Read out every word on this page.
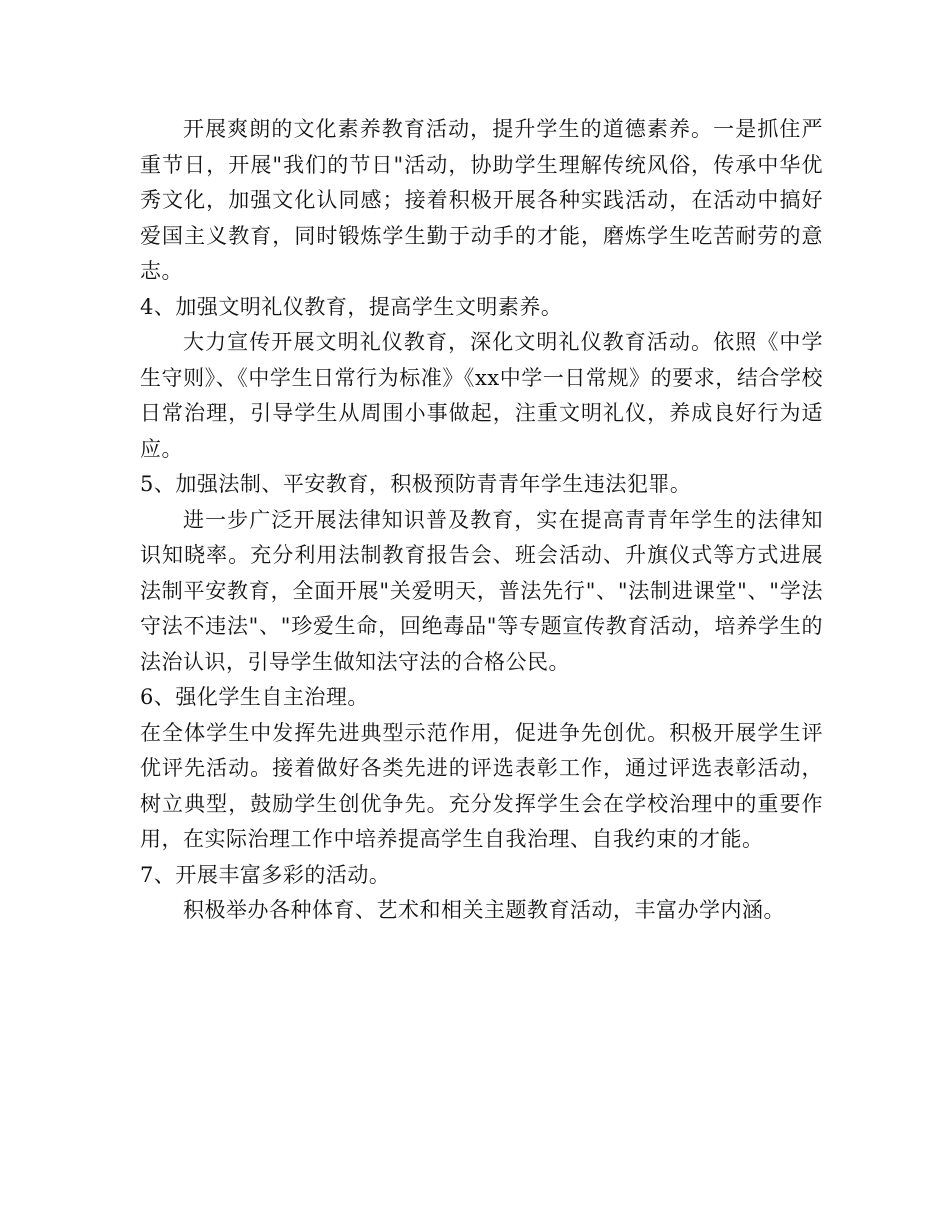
开展爽朗的文化素养教育活动，提升学生的道德素养。一是抓住严重节日，开展"我们的节日"活动，协助学生理解传统风俗，传承中华优秀文化，加强文化认同感；接着积极开展各种实践活动，在活动中搞好爱国主义教育，同时锻炼学生勤于动手的才能，磨炼学生吃苦耐劳的意志。

4、加强文明礼仪教育，提高学生文明素养。

大力宣传开展文明礼仪教育，深化文明礼仪教育活动。依照《中学生守则》、《中学生日常行为标准》《xx中学一日常规》的要求，结合学校日常治理，引导学生从周围小事做起，注重文明礼仪，养成良好行为适应。

5、加强法制、平安教育，积极预防青青年学生违法犯罪。

进一步广泛开展法律知识普及教育，实在提高青青年学生的法律知识知晓率。充分利用法制教育报告会、班会活动、升旗仪式等方式进展法制平安教育，全面开展"关爱明天，普法先行"、"法制进课堂"、"学法守法不违法"、"珍爱生命，回绝毒品"等专题宣传教育活动，培养学生的法治认识，引导学生做知法守法的合格公民。

6、强化学生自主治理。

在全体学生中发挥先进典型示范作用，促进争先创优。积极开展学生评优评先活动。接着做好各类先进的评选表彰工作，通过评选表彰活动，树立典型，鼓励学生创优争先。充分发挥学生会在学校治理中的重要作用，在实际治理工作中培养提高学生自我治理、自我约束的才能。

7、开展丰富多彩的活动。

积极举办各种体育、艺术和相关主题教育活动，丰富办学内涵。
